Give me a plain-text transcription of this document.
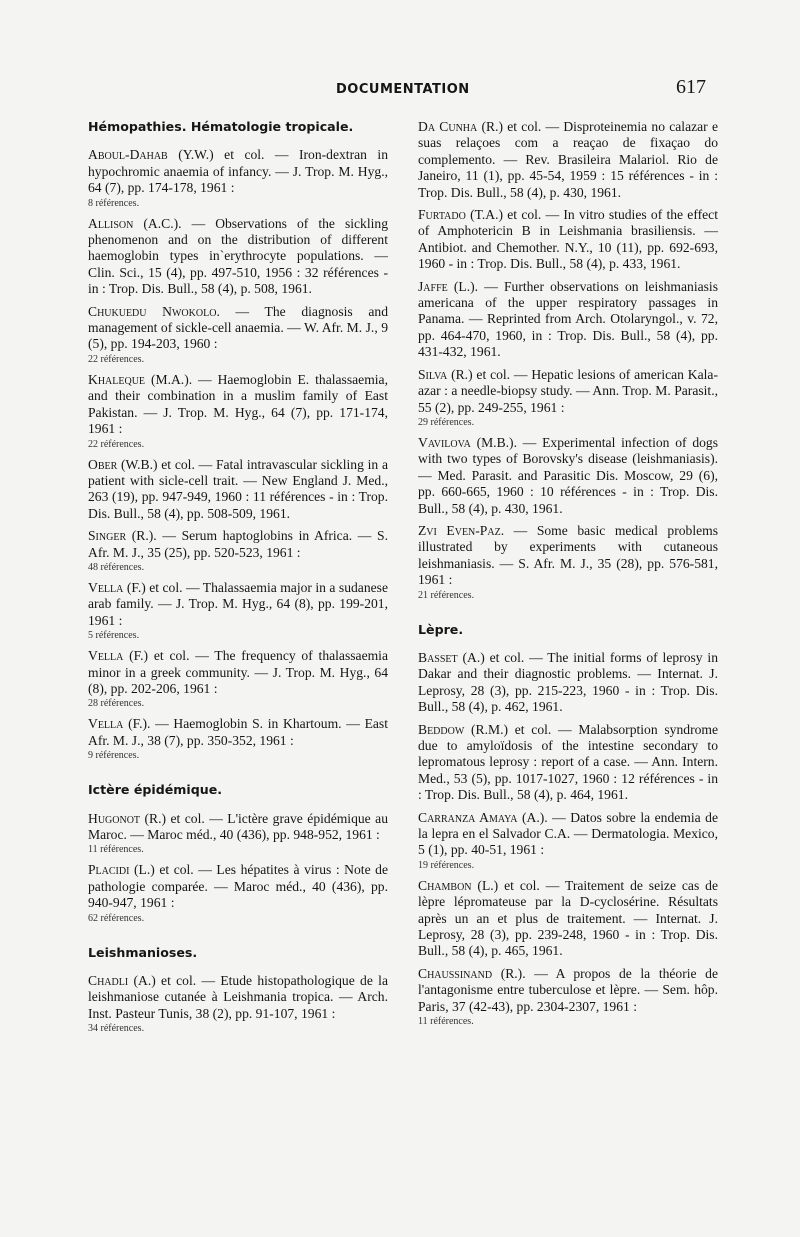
DOCUMENTATION	617
Hémopathies. Hématologie tropicale.
Aboul-Dahab (Y.W.) et col. — Iron-dextran in hypochromic anaemia of infancy. — J. Trop. M. Hyg., 64 (7), pp. 174-178, 1961 :
8 références.
Allison (A.C.). — Observations of the sickling phenomenon and on the distribution of different haemoglobin types in`erythrocyte populations. — Clin. Sci., 15 (4), pp. 497-510, 1956 : 32 références - in : Trop. Dis. Bull., 58 (4), p. 508, 1961.
Chukuedu Nwokolo. — The diagnosis and management of sickle-cell anaemia. — W. Afr. M. J., 9 (5), pp. 194-203, 1960 :
22 références.
Khaleque (M.A.). — Haemoglobin E. thalassaemia, and their combination in a muslim family of East Pakistan. — J. Trop. M. Hyg., 64 (7), pp. 171-174, 1961 :
22 références.
Ober (W.B.) et col. — Fatal intravascular sickling in a patient with sicle-cell trait. — New England J. Med., 263 (19), pp. 947-949, 1960 : 11 références - in : Trop. Dis. Bull., 58 (4), pp. 508-509, 1961.
Singer (R.). — Serum haptoglobins in Africa. — S. Afr. M. J., 35 (25), pp. 520-523, 1961 :
48 références.
Vella (F.) et col. — Thalassaemia major in a sudanese arab family. — J. Trop. M. Hyg., 64 (8), pp. 199-201, 1961 :
5 références.
Vella (F.) et col. — The frequency of thalassaemia minor in a greek community. — J. Trop. M. Hyg., 64 (8), pp. 202-206, 1961 :
28 références.
Vella (F.). — Haemoglobin S. in Khartoum. — East Afr. M. J., 38 (7), pp. 350-352, 1961 :
9 références.
Ictère épidémique.
Hugonot (R.) et col. — L'ictère grave épidémique au Maroc. — Maroc méd., 40 (436), pp. 948-952, 1961 :
11 références.
Placidi (L.) et col. — Les hépatites à virus : Note de pathologie comparée. — Maroc méd., 40 (436), pp. 940-947, 1961 :
62 références.
Leishmanioses.
Chadli (A.) et col. — Etude histopathologique de la leishmaniose cutanée à Leishmania tropica. — Arch. Inst. Pasteur Tunis, 38 (2), pp. 91-107, 1961 :
34 références.
Da Cunha (R.) et col. — Disproteinemia no calazar e suas relaçoes com a reaçao de fixaçao do complemento. — Rev. Brasileira Malariol. Rio de Janeiro, 11 (1), pp. 45-54, 1959 : 15 références - in : Trop. Dis. Bull., 58 (4), p. 430, 1961.
Furtado (T.A.) et col. — In vitro studies of the effect of Amphotericin B in Leishmania brasiliensis. — Antibiot. and Chemother. N.Y., 10 (11), pp. 692-693, 1960 - in : Trop. Dis. Bull., 58 (4), p. 433, 1961.
Jaffe (L.). — Further observations on leishmaniasis americana of the upper respiratory passages in Panama. — Reprinted from Arch. Otolaryngol., v. 72, pp. 464-470, 1960, in : Trop. Dis. Bull., 58 (4), pp. 431-432, 1961.
Silva (R.) et col. — Hepatic lesions of american Kala-azar : a needle-biopsy study. — Ann. Trop. M. Parasit., 55 (2), pp. 249-255, 1961 :
29 références.
Vavilova (M.B.). — Experimental infection of dogs with two types of Borovsky's disease (leishmaniasis). — Med. Parasit. and Parasitic Dis. Moscow, 29 (6), pp. 660-665, 1960 : 10 références - in : Trop. Dis. Bull., 58 (4), p. 430, 1961.
Zvi Even-Paz. — Some basic medical problems illustrated by experiments with cutaneous leishmaniasis. — S. Afr. M. J., 35 (28), pp. 576-581, 1961 :
21 références.
Lèpre.
Basset (A.) et col. — The initial forms of leprosy in Dakar and their diagnostic problems. — Internat. J. Leprosy, 28 (3), pp. 215-223, 1960 - in : Trop. Dis. Bull., 58 (4), p. 462, 1961.
Beddow (R.M.) et col. — Malabsorption syndrome due to amyloïdosis of the intestine secondary to lepromatous leprosy : report of a case. — Ann. Intern. Med., 53 (5), pp. 1017-1027, 1960 : 12 références - in : Trop. Dis. Bull., 58 (4), p. 464, 1961.
Carranza Amaya (A.). — Datos sobre la endemia de la lepra en el Salvador C.A. — Dermatologia. Mexico, 5 (1), pp. 40-51, 1961 :
19 références.
Chambon (L.) et col. — Traitement de seize cas de lèpre lépromateuse par la D-cyclosérine. Résultats après un an et plus de traitement. — Internat. J. Leprosy, 28 (3), pp. 239-248, 1960 - in : Trop. Dis. Bull., 58 (4), p. 465, 1961.
Chaussinand (R.). — A propos de la théorie de l'antagonisme entre tuberculose et lèpre. — Sem. hôp. Paris, 37 (42-43), pp. 2304-2307, 1961 :
11 références.
